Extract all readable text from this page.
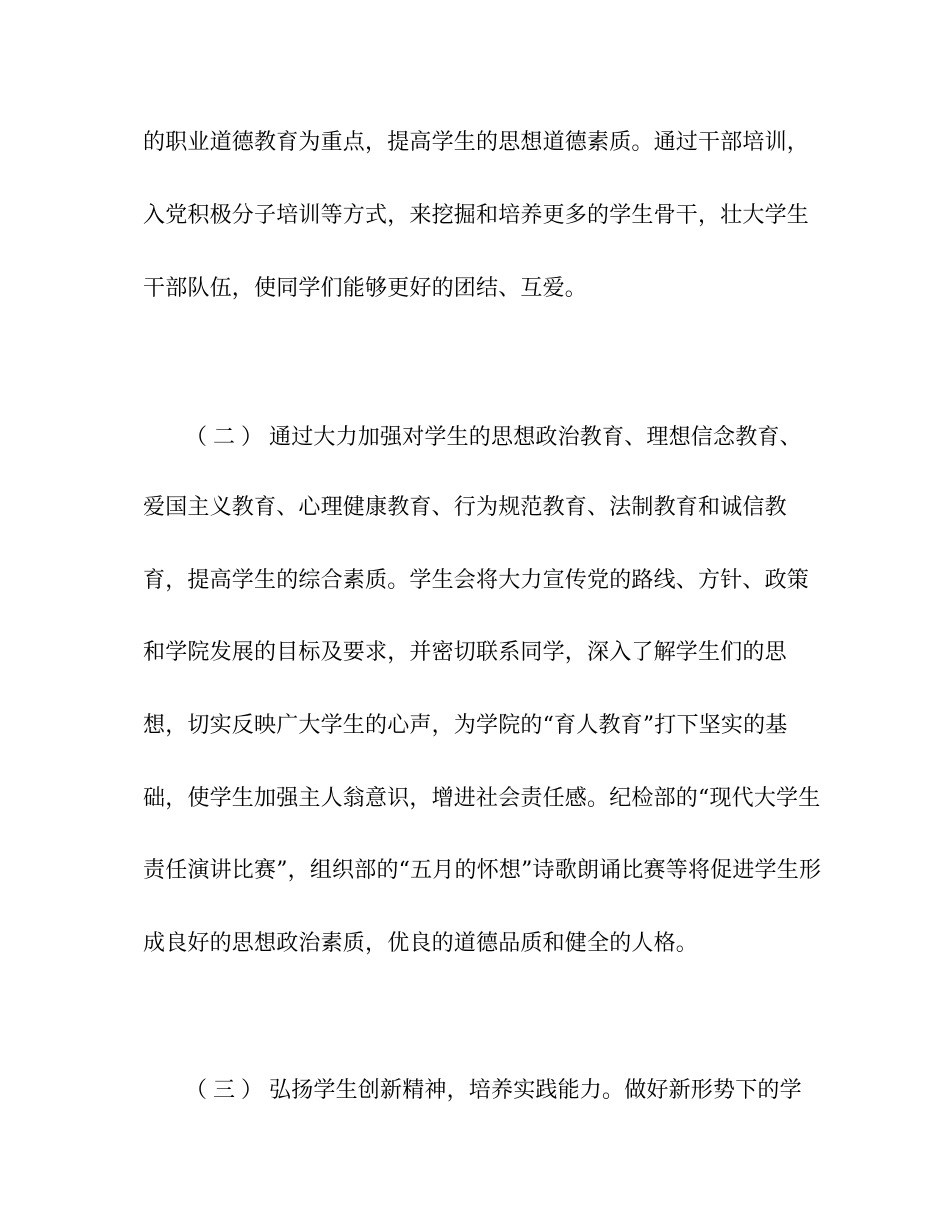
的职业道德教育为重点，提高学生的思想道德素质。通过干部培训，
入党积极分子培训等方式，来挖掘和培养更多的学生骨干，壮大学生
干部队伍，使同学们能够更好的团结、互爱。
（二）通过大力加强对学生的思想政治教育、理想信念教育、
爱国主义教育、心理健康教育、行为规范教育、法制教育和诚信教
育，提高学生的综合素质。学生会将大力宣传党的路线、方针、政策
和学院发展的目标及要求，并密切联系同学，深入了解学生们的思
想，切实反映广大学生的心声，为学院的“育人教育”打下坚实的基
础，使学生加强主人翁意识，增进社会责任感。纪检部的“现代大学生
责任演讲比赛”，组织部的“五月的怀想”诗歌朗诵比赛等将促进学生形
成良好的思想政治素质，优良的道德品质和健全的人格。
（三）弘扬学生创新精神，培养实践能力。做好新形势下的学
